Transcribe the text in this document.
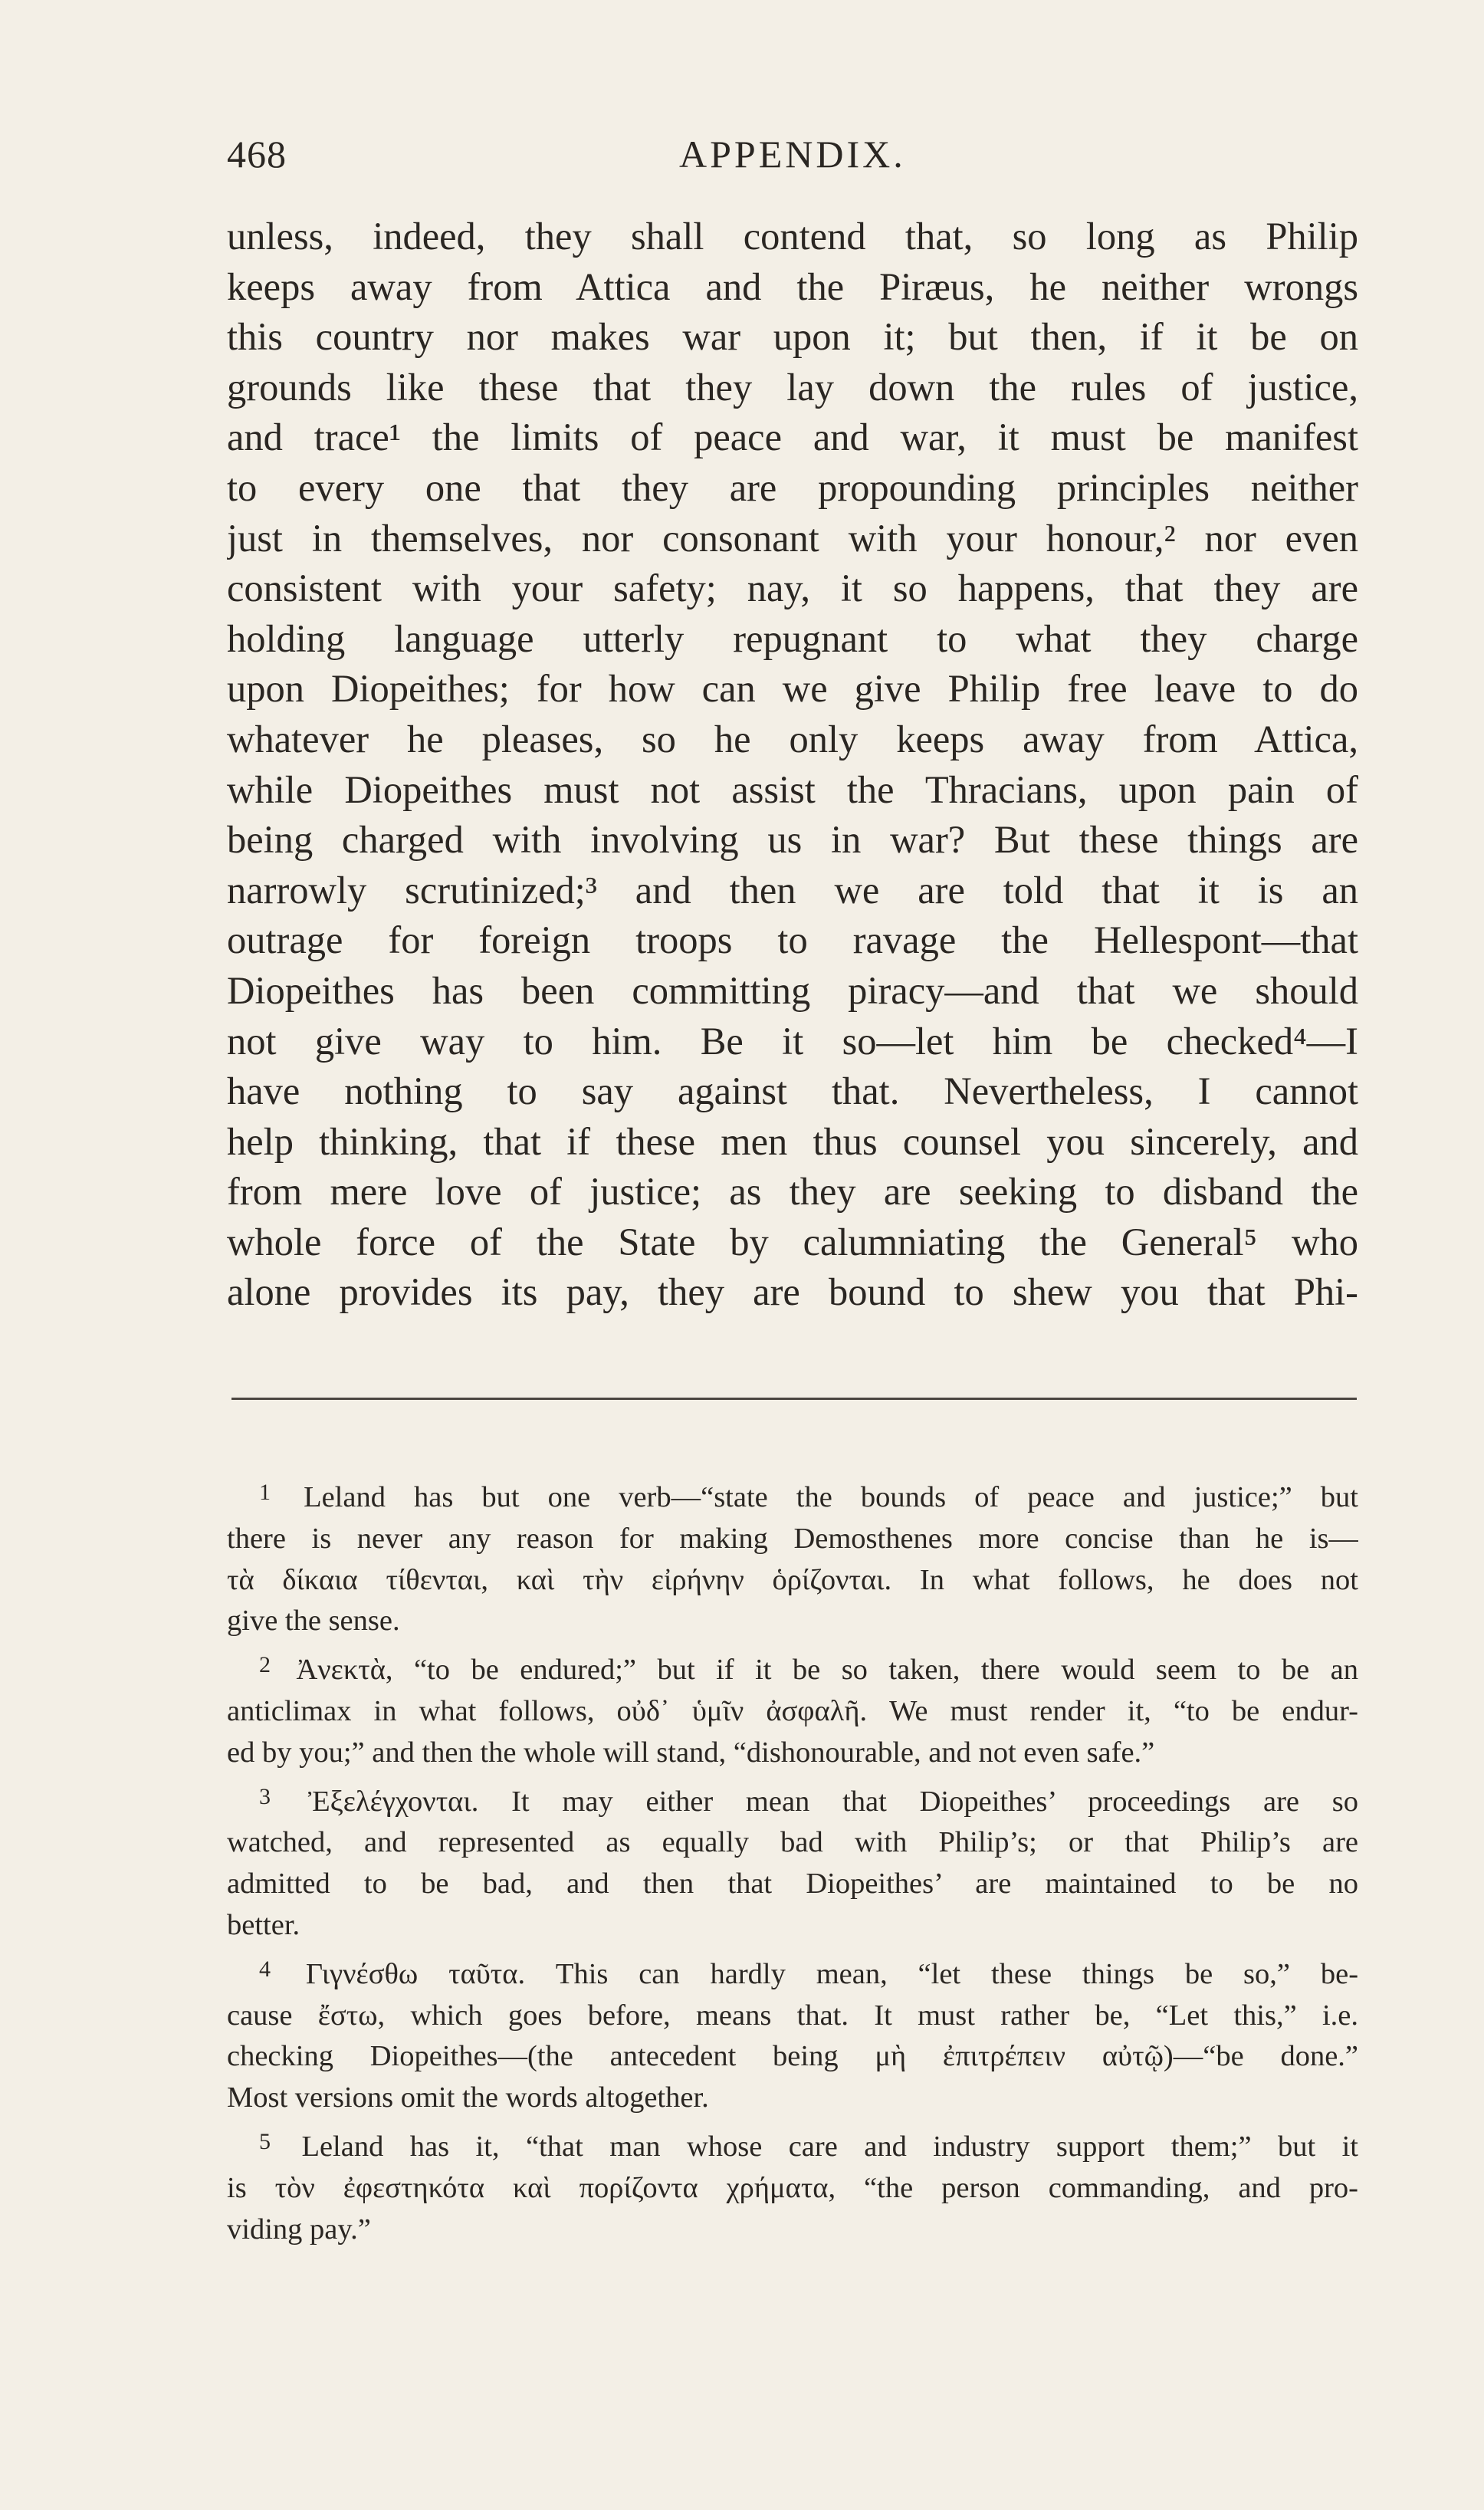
468	APPENDIX.
unless, indeed, they shall contend that, so long as Philip
keeps away from Attica and the Piræus, he neither wrongs
this country nor makes war upon it; but then, if it be on
grounds like these that they lay down the rules of justice,
and trace¹ the limits of peace and war, it must be manifest
to every one that they are propounding principles neither
just in themselves, nor consonant with your honour,² nor even
consistent with your safety; nay, it so happens, that they are
holding language utterly repugnant to what they charge
upon Diopeithes; for how can we give Philip free leave to do
whatever he pleases, so he only keeps away from Attica,
while Diopeithes must not assist the Thracians, upon pain of
being charged with involving us in war? But these things are
narrowly scrutinized;³ and then we are told that it is an
outrage for foreign troops to ravage the Hellespont—that
Diopeithes has been committing piracy—and that we should
not give way to him. Be it so—let him be checked⁴—I
have nothing to say against that. Nevertheless, I cannot
help thinking, that if these men thus counsel you sincerely, and
from mere love of justice; as they are seeking to disband the
whole force of the State by calumniating the General⁵ who
alone provides its pay, they are bound to shew you that Phi-
$^1$ Leland has but one verb—“state the bounds of peace and justice;” but
there is never any reason for making Demosthenes more concise than he is—
τὰ δίκαια τίθενται, καὶ τὴν εἰρήνην ὁρίζονται. In what follows, he does not
give the sense.
$^2$ Ἀνεκτὰ, “to be endured;” but if it be so taken, there would seem to be an
anticlimax in what follows, οὐδ᾽ ὑμῖν ἀσφαλῆ. We must render it, “to be endur-
ed by you;” and then the whole will stand, “dishonourable, and not even safe.”
$^3$ Ἐξελέγχονται. It may either mean that Diopeithes’ proceedings are so
watched, and represented as equally bad with Philip’s; or that Philip’s are
admitted to be bad, and then that Diopeithes’ are maintained to be no
better.
$^4$ Γιγνέσθω ταῦτα. This can hardly mean, “let these things be so,” be-
cause ἔστω, which goes before, means that. It must rather be, “Let this,” i.e.
checking Diopeithes—(the antecedent being μὴ ἐπιτρέπειν αὐτῷ)—“be done.”
Most versions omit the words altogether.
$^5$ Leland has it, “that man whose care and industry support them;” but it
is τὸν ἐφεστηκότα καὶ πορίζοντα χρήματα, “the person commanding, and pro-
viding pay.”
